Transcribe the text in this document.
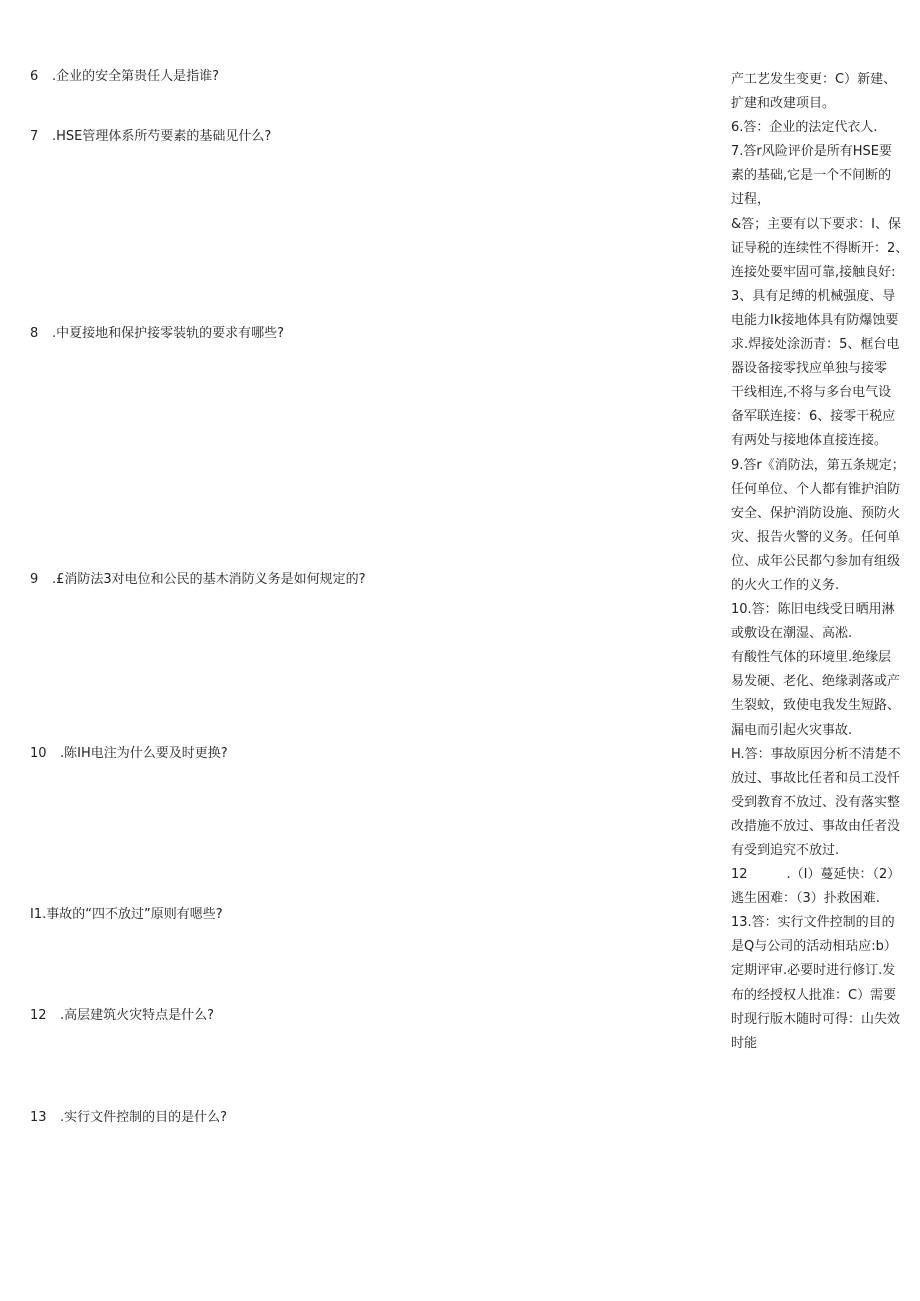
6 .企业的安全第贵任人是指谁?

7 .HSE管理体系所芍要素的基础见什么?

8 .中夏接地和保护接零装轨的要求有哪些?

9 .£消防法3对电位和公民的基木消防义务是如何规定的?

10 .陈IH电注为什么要及时更换?

I1.事故的“四不放过”原则有嗯些?

12 .高层建筑火灾特点是什么?

13 .实行文件控制的目的是什么?

产工艺发生变更：C）新建、
扩建和改建项目。
6.答：企业的法定代衣人.
7.答r风险评价是所有HSE要
素的基础,它是一个不间断的
过程，
&答；主要有以下要求：I、保
证导税的连续性不得断开：2、
连接处要牢固可靠,接触良好:
3、具有足缚的机械强度、导
电能力Ik接地体具有防爆蚀要
求.焊接处涂沥青：5、框台电
器设备接零找应单独与接零
干线相连,不将与多台电气设
备军联连接：6、接零干税应
有两处与接地体直接连接。
9.答r《消防法，第五条规定；
任何单位、个人都有锥护洎防
安全、保护消防设施、预防火
灾、报告火警的义务。任何单
位、成年公民都勺参加有组级
的火火工作的义务.
10.答：陈旧电线受日晒用淋
或敷设在潮湿、高凇.
有酸性气体的环境里.绝缘层
易发硬、老化、绝缘剥落或产
生裂蚊，致使电我发生短路、
漏电而引起火灾事故.
H.答：事故原因分析不清楚不
放过、事故比任者和员工没忏
受到教育不放过、没有落实整
改措施不放过、事故由任者没
有受到追究不放过.
12　　　.（I）蔓延快：（2）
逃生困难：（3）扑救困难.
13.答：实行文件控制的目的
是Q与公司的活动相玷应:b）
定期评审.必要时进行修订.发
布的经授权人批准：C）需要
时现行版木随时可得：山失效
时能
